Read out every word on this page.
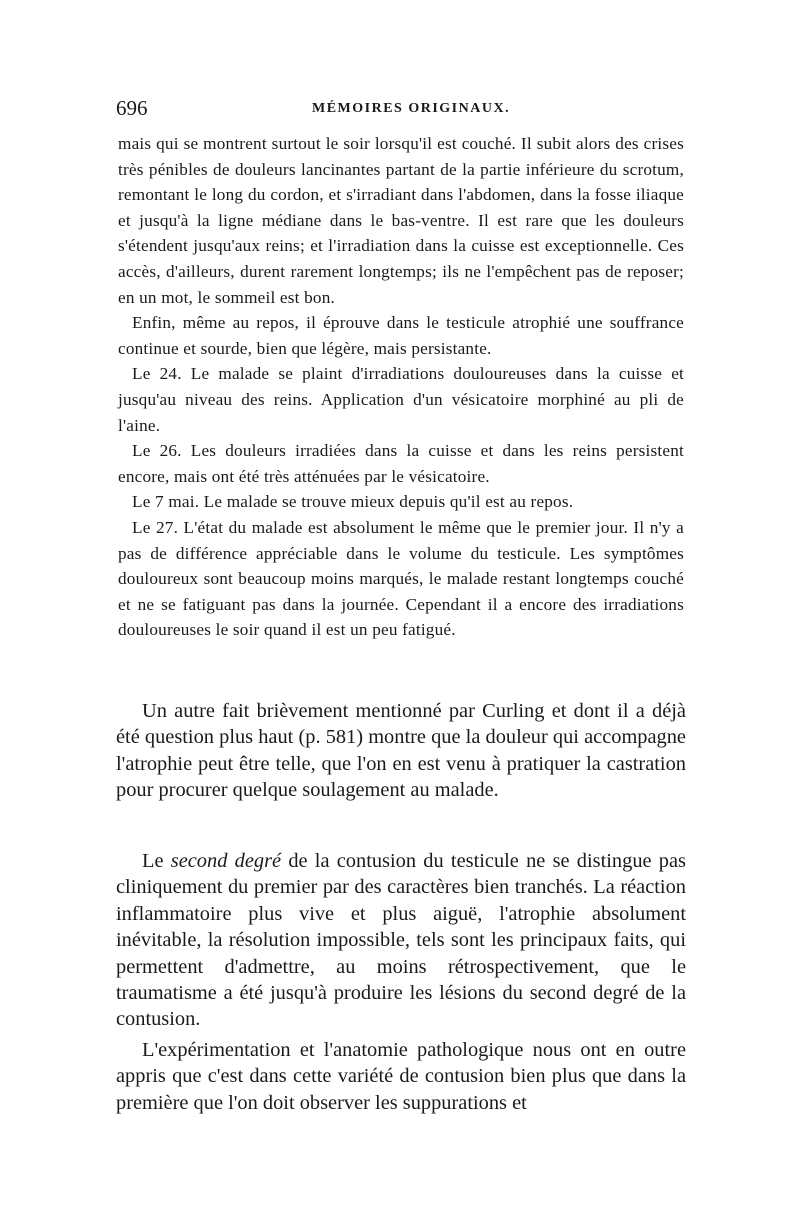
696	MÉMOIRES ORIGINAUX.

mais qui se montrent surtout le soir lorsqu'il est couché. Il subit alors des crises très pénibles de douleurs lancinantes partant de la partie inférieure du scrotum, remontant le long du cordon, et s'irradiant dans l'abdomen, dans la fosse iliaque et jusqu'à la ligne médiane dans le bas-ventre. Il est rare que les douleurs s'étendent jusqu'aux reins; et l'irradiation dans la cuisse est exceptionnelle. Ces accès, d'ailleurs, durent rarement longtemps; ils ne l'empêchent pas de reposer; en un mot, le sommeil est bon.

Enfin, même au repos, il éprouve dans le testicule atrophié une souffrance continue et sourde, bien que légère, mais persistante.

Le 24. Le malade se plaint d'irradiations douloureuses dans la cuisse et jusqu'au niveau des reins. Application d'un vésicatoire morphiné au pli de l'aine.

Le 26. Les douleurs irradiées dans la cuisse et dans les reins persistent encore, mais ont été très atténuées par le vésicatoire.

Le 7 mai. Le malade se trouve mieux depuis qu'il est au repos.

Le 27. L'état du malade est absolument le même que le premier jour. Il n'y a pas de différence appréciable dans le volume du testicule. Les symptômes douloureux sont beaucoup moins marqués, le malade restant longtemps couché et ne se fatiguant pas dans la journée. Cependant il a encore des irradiations douloureuses le soir quand il est un peu fatigué.

Un autre fait brièvement mentionné par Curling et dont il a déjà été question plus haut (p. 581) montre que la douleur qui accompagne l'atrophie peut être telle, que l'on en est venu à pratiquer la castration pour procurer quelque soulagement au malade.

Le second degré de la contusion du testicule ne se distingue pas cliniquement du premier par des caractères bien tranchés. La réaction inflammatoire plus vive et plus aiguë, l'atrophie absolument inévitable, la résolution impossible, tels sont les principaux faits, qui permettent d'admettre, au moins rétrospectivement, que le traumatisme a été jusqu'à produire les lésions du second degré de la contusion.

L'expérimentation et l'anatomie pathologique nous ont en outre appris que c'est dans cette variété de contusion bien plus que dans la première que l'on doit observer les suppurations et
